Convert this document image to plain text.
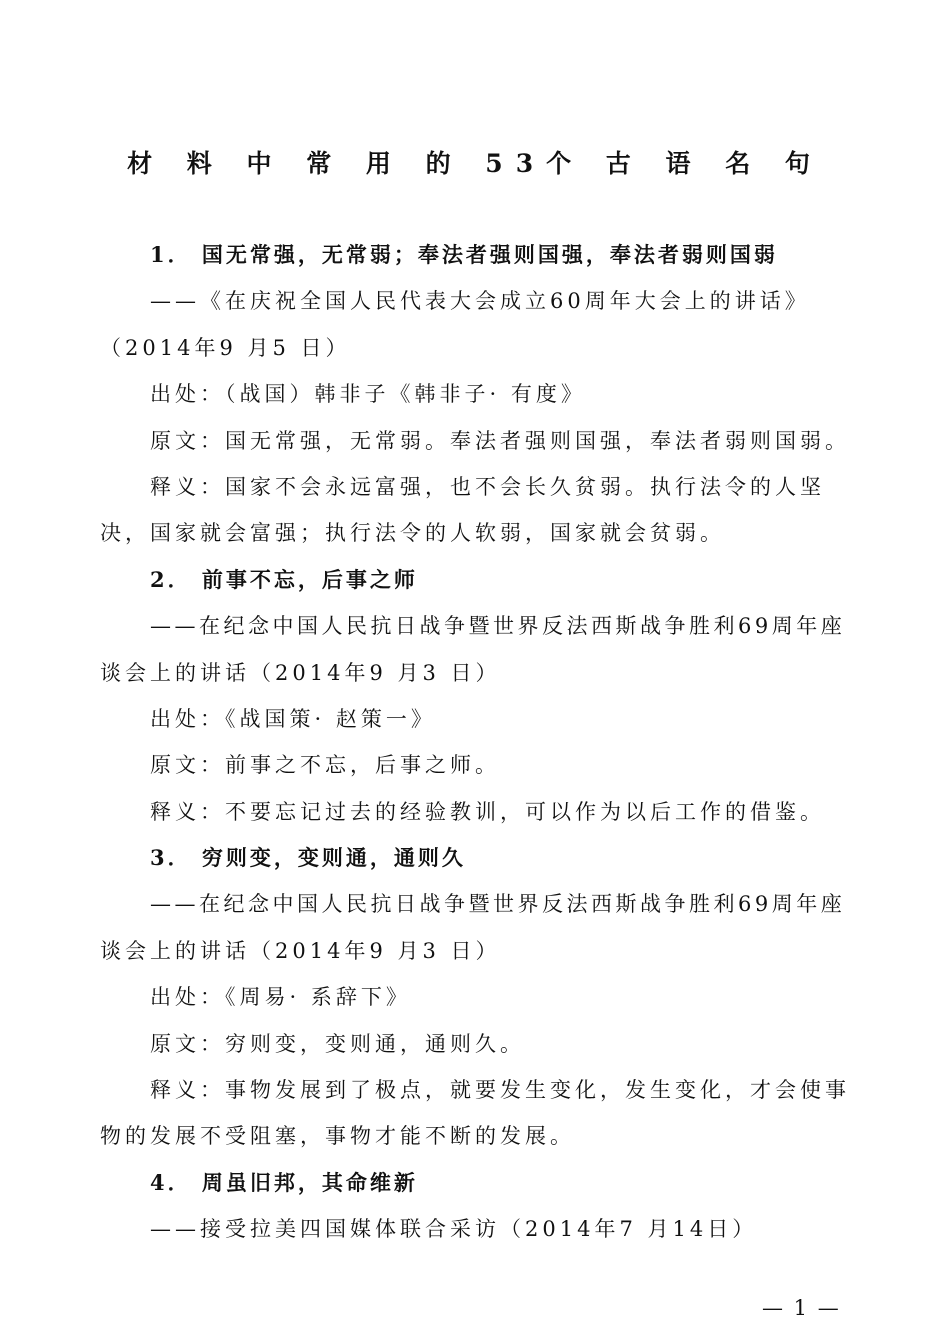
材 料 中 常 用 的 53个 古 语 名 句
1． 国无常强，无常弱；奉法者强则国强，奉法者弱则国弱
——《在庆祝全国人民代表大会成立60周年大会上的讲话》
（2014年9 月5 日）
出处：（战国）韩非子《韩非子· 有度》
原文：国无常强，无常弱。奉法者强则国强，奉法者弱则国弱。
释义：国家不会永远富强，也不会长久贫弱。执行法令的人坚
决，国家就会富强；执行法令的人软弱，国家就会贫弱。
2． 前事不忘，后事之师
——在纪念中国人民抗日战争暨世界反法西斯战争胜利69周年座
谈会上的讲话（2014年9 月3 日）
出处：《战国策· 赵策一》
原文：前事之不忘，后事之师。
释义：不要忘记过去的经验教训，可以作为以后工作的借鉴。
3． 穷则变，变则通，通则久
——在纪念中国人民抗日战争暨世界反法西斯战争胜利69周年座
谈会上的讲话（2014年9 月3 日）
出处：《周易· 系辞下》
原文：穷则变，变则通，通则久。
释义：事物发展到了极点，就要发生变化，发生变化，才会使事
物的发展不受阻塞，事物才能不断的发展。
4． 周虽旧邦，其命维新
——接受拉美四国媒体联合采访（2014年7 月14日）
— 1 —
